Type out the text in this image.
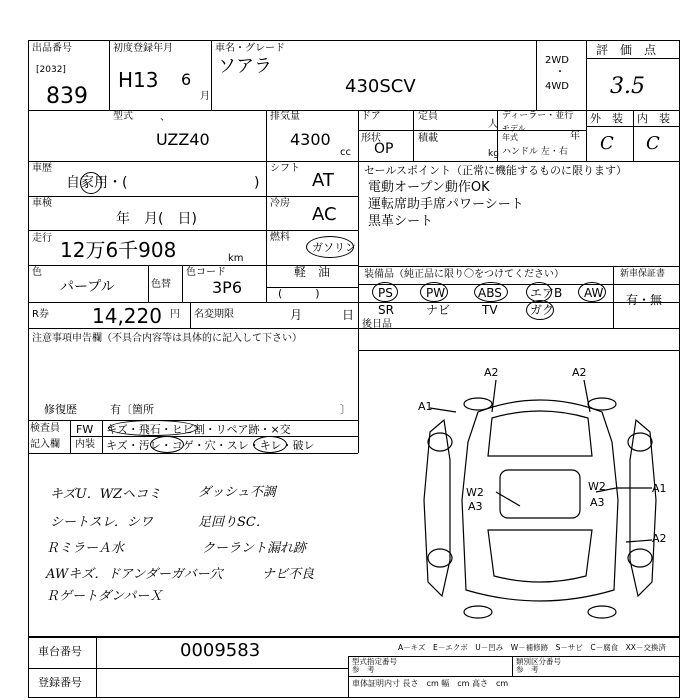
出品番号
[2032]
839
初度登録年月
H13 6
月
車名・グレード
ソアラ
430SCV
2WD
・
4WD
評　価　点
3.5
外　装 内　装
C C
型式	、
UZZ40
排気量
4300
cc
ドア	定員
人
形状
OP
積載
kg
ディーラー・並行
モデル
年式	年
ハンドル 左・右
車歴
自家用・(	)
シフト
AT
車検
年　月(　日)
冷房
AC
走行 12万6千908	km
燃料
ガソリン
軽　油
(　　　)
色
パープル	色替
色コード
3P6
R券 14,220 円 名変期限	月	日
セールスポイント（正常に機能するものに限ります）
電動オープン動作OK
運転席助手席パワーシート
黒革シート
装備品（純正品に限り〇をつけてください）
PS	PW	ABS エアB AW
SR	ナビ	TV	ガク
新車保証書
有・無
後日品
注意事項申告欄（不具合内容等は具体的に記入して下さい）
修復歴	有〔箇所	〕
検査員
記入欄
FW キズ・飛石・ヒビ割・リペア跡・×交
内装 キズ・汚レ・コゲ・穴・スレ・キレ・破レ
キズU．WZヘコミ
シートスレ．シワ
ＲミラーＡ水
AWキズ．ドアンダーガバー穴
ＲゲートダンパーＸ
ダッシュ不調
足回りSC．
クーラント漏れ跡
ナビ不良
A2	A2
A1
W2
A3
W2
A3
A1
A2
A－キズ　E－エクボ　U－凹み　W－補修跡　S－サビ　C－腐食　XX－交換済
車台番号	0009583
登録番号
型式指定番号
参　考
類別区分番号
参　考
車体証明内寸 長さ　cm 幅　cm 高さ　cm
